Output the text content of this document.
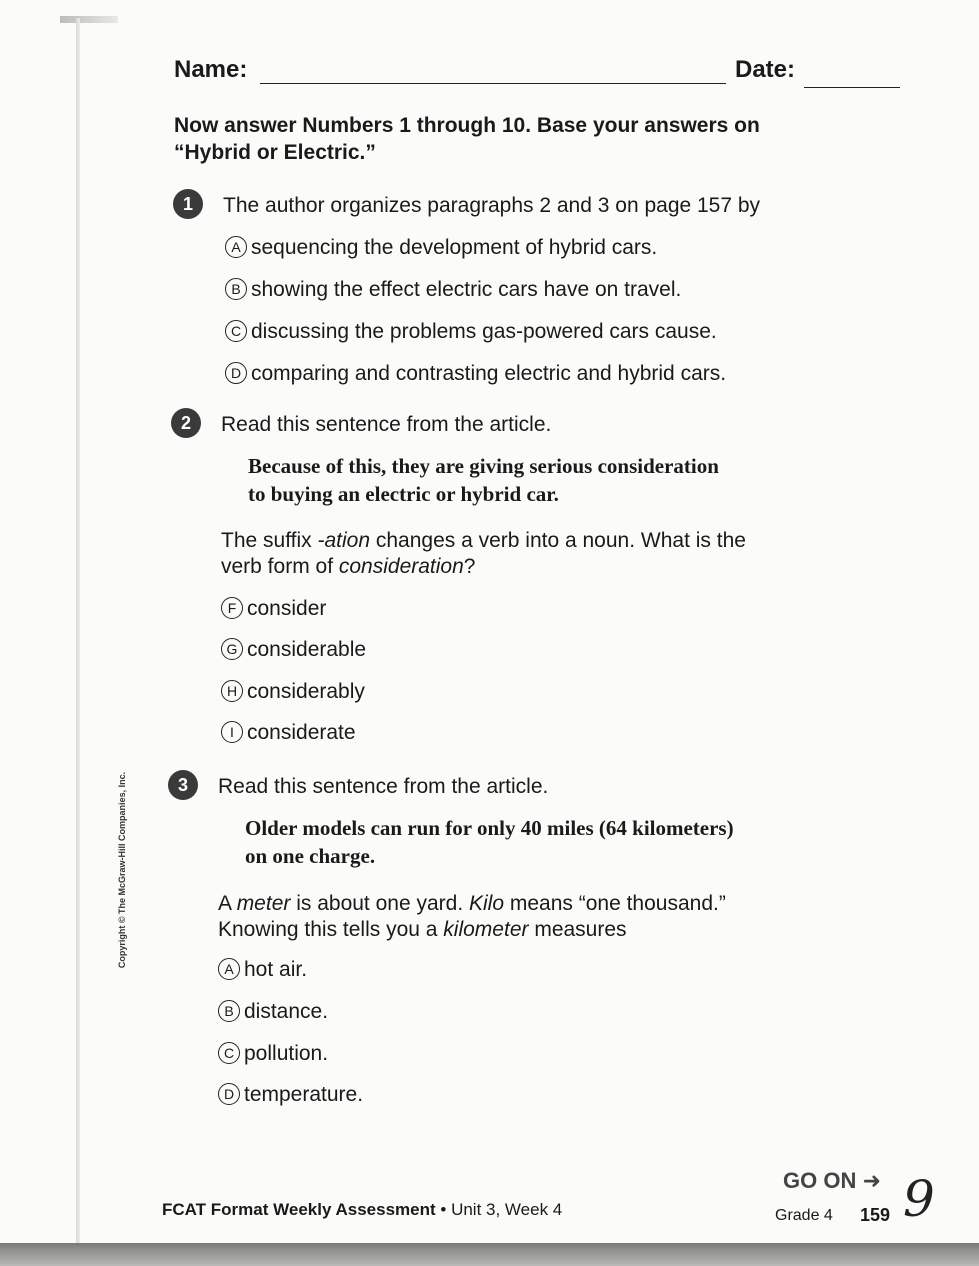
Name:	Date:
Now answer Numbers 1 through 10. Base your answers on “Hybrid or Electric.”
1	The author organizes paragraphs 2 and 3 on page 157 by
A sequencing the development of hybrid cars.
B showing the effect electric cars have on travel.
C discussing the problems gas-powered cars cause.
D comparing and contrasting electric and hybrid cars.
2	Read this sentence from the article.
Because of this, they are giving serious consideration
to buying an electric or hybrid car.
The suffix -ation changes a verb into a noun. What is the
verb form of consideration?
F consider
G considerable
H considerably
I considerate
3	Read this sentence from the article.
Older models can run for only 40 miles (64 kilometers)
on one charge.
A meter is about one yard. Kilo means “one thousand.”
Knowing this tells you a kilometer measures
A hot air.
B distance.
C pollution.
D temperature.
Copyright © The McGraw-Hill Companies, Inc.
GO ON ➜
FCAT Format Weekly Assessment • Unit 3, Week 4	Grade 4 159 9
